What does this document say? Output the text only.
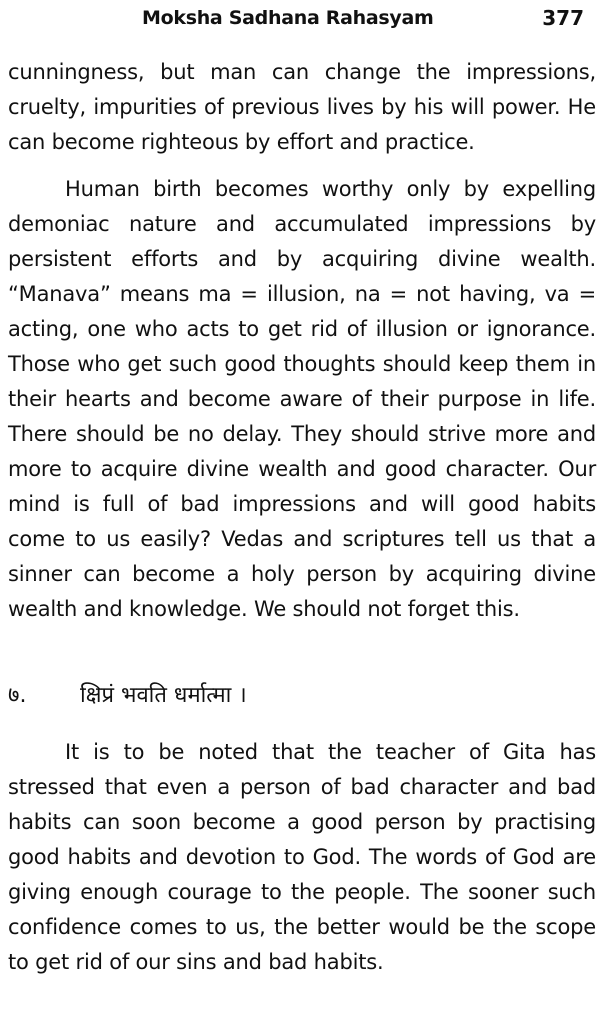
Moksha Sadhana Rahasyam	377

cunningness, but man can change the impressions, cruelty, impurities of previous lives by his will power. He can become righteous by effort and practice.

Human birth becomes worthy only by expelling demoniac nature and accumulated impressions by persistent efforts and by acquiring divine wealth. “Manava” means ma = illusion, na = not having, va = acting, one who acts to get rid of illusion or ignorance. Those who get such good thoughts should keep them in their hearts and become aware of their purpose in life. There should be no delay. They should strive more and more to acquire divine wealth and good character. Our mind is full of bad impressions and will good habits come to us easily? Vedas and scriptures tell us that a sinner can become a holy person by acquiring divine wealth and knowledge. We should not forget this.

७. क्षिप्रं भवति धर्मात्मा ।

It is to be noted that the teacher of Gita has stressed that even a person of bad character and bad habits can soon become a good person by practising good habits and devotion to God. The words of God are giving enough courage to the people. The sooner such confidence comes to us, the better would be the scope to get rid of our sins and bad habits.
